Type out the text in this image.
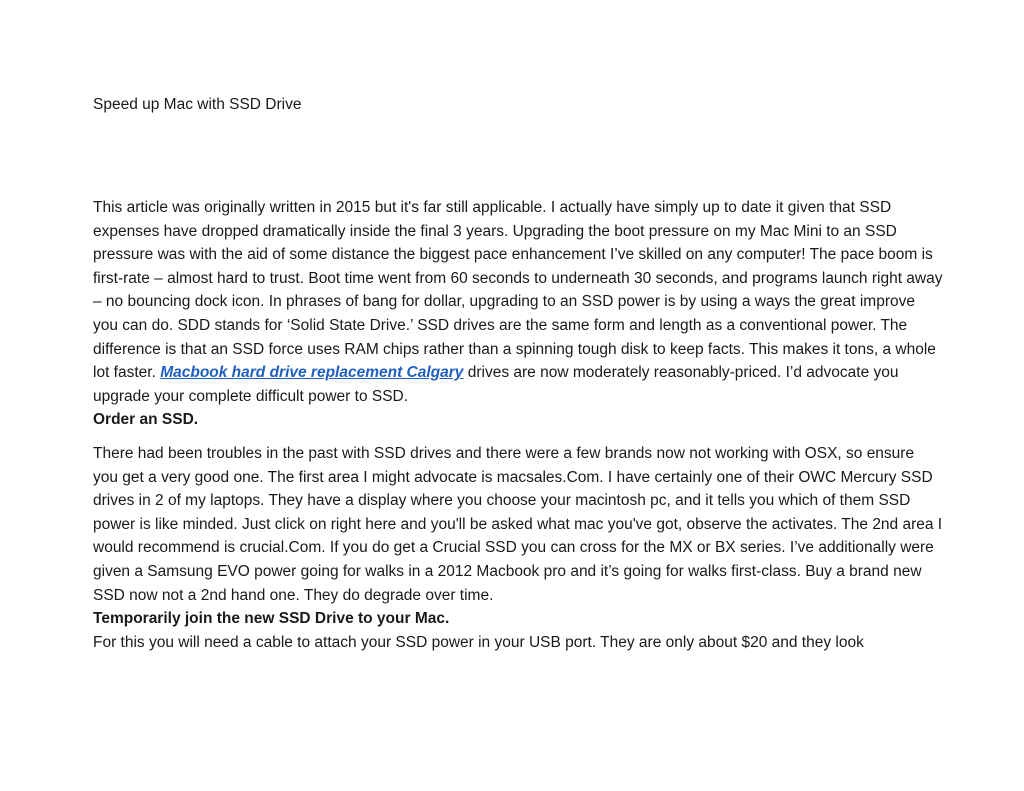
Speed up Mac with SSD Drive

This article was originally written in 2015 but it's far still applicable. I actually have simply up to date it given that SSD expenses have dropped dramatically inside the final 3 years. Upgrading the boot pressure on my Mac Mini to an SSD pressure was with the aid of some distance the biggest pace enhancement I’ve skilled on any computer! The pace boom is first-rate – almost hard to trust. Boot time went from 60 seconds to underneath 30 seconds, and programs launch right away – no bouncing dock icon. In phrases of bang for dollar, upgrading to an SSD power is by using a ways the great improve you can do. SDD stands for ‘Solid State Drive.’ SSD drives are the same form and length as a conventional power. The difference is that an SSD force uses RAM chips rather than a spinning tough disk to keep facts. This makes it tons, a whole lot faster. Macbook hard drive replacement Calgary drives are now moderately reasonably-priced. I’d advocate you upgrade your complete difficult power to SSD.

Order an SSD.

There had been troubles in the past with SSD drives and there were a few brands now not working with OSX, so ensure you get a very good one. The first area I might advocate is macsales.Com. I have certainly one of their OWC Mercury SSD drives in 2 of my laptops. They have a display where you choose your macintosh pc, and it tells you which of them SSD power is like minded. Just click on right here and you'll be asked what mac you've got, observe the activates. The 2nd area I would recommend is crucial.Com. If you do get a Crucial SSD you can cross for the MX or BX series. I’ve additionally were given a Samsung EVO power going for walks in a 2012 Macbook pro and it’s going for walks first-class. Buy a brand new SSD now not a 2nd hand one. They do degrade over time.

Temporarily join the new SSD Drive to your Mac.

For this you will need a cable to attach your SSD power in your USB port. They are only about $20 and they look
